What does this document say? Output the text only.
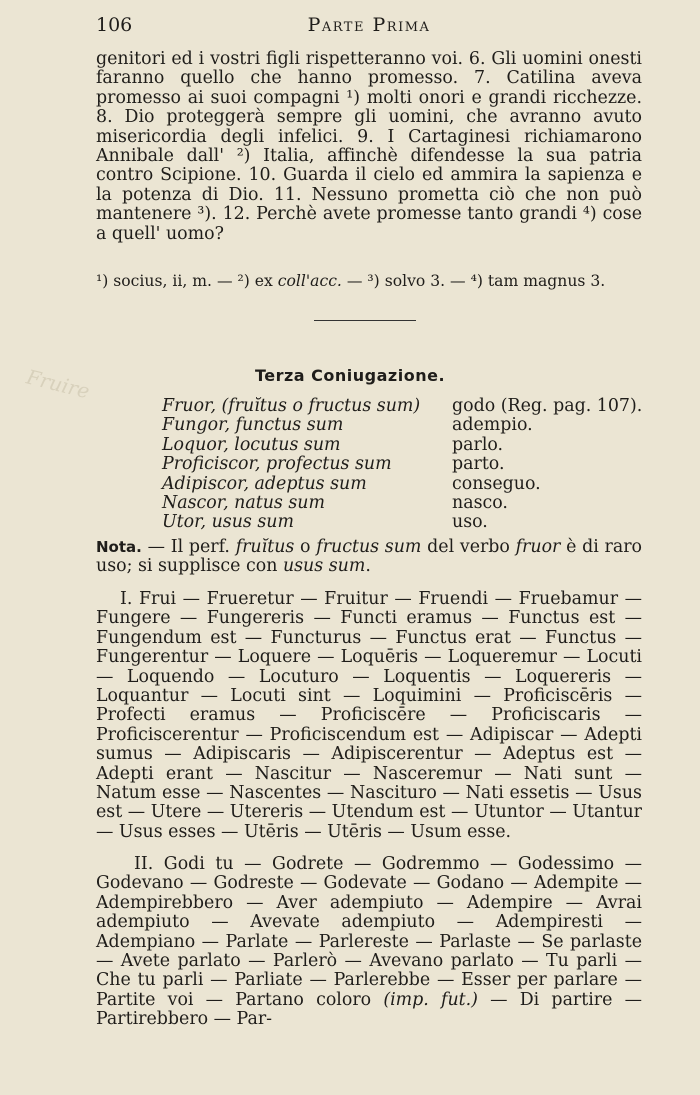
106	Parte Prima
genitori ed i vostri figli rispetteranno voi. 6. Gli uomini onesti faranno quello che hanno promesso. 7. Catilina aveva promesso ai suoi compagni ¹) molti onori e grandi ricchezze. 8. Dio proteggerà sempre gli uomini, che avranno avuto misericordia degli infelici. 9. I Cartaginesi richiamarono Annibale dall' ²) Italia, affinchè difendesse la sua patria contro Scipione. 10. Guarda il cielo ed ammira la sapienza e la potenza di Dio. 11. Nessuno prometta ciò che non può mantenere ³). 12. Perchè avete promesse tanto grandi ⁴) cose a quell' uomo?
¹) socius, ii, m. — ²) ex coll'acc. — ³) solvo 3. — ⁴) tam magnus 3.
Fruire	Terza Coniugazione.
Fruor, (fruĭtus o fructus sum)	godo (Reg. pag. 107).
Fungor, functus sum	adempio.
Loquor, locutus sum	parlo.
Proficiscor, profectus sum	parto.
Adipiscor, adeptus sum	conseguo.
Nascor, natus sum	nasco.
Utor, usus sum	uso.
Nota. — Il perf. fruĭtus o fructus sum del verbo fruor è di raro uso; si supplisce con usus sum.
I. Frui — Frueretur — Fruitur — Fruendi — Fruebamur — Fungere — Fungereris — Functi eramus — Functus est — Fungendum est — Functurus — Functus erat — Functus — Fungerentur — Loquere — Loquēris — Loqueremur — Locuti — Loquendo — Locuturo — Loquentis — Loquereris — Loquantur — Locuti sint — Loquimini — Proficiscēris — Profecti eramus — Proficiscēre — Proficiscaris — Proficiscerentur — Proficiscendum est — Adipiscar — Adepti sumus — Adipiscaris — Adipiscerentur — Adeptus est — Adepti erant — Nascitur — Nasceremur — Nati sunt — Natum esse — Nascentes — Nascituro — Nati essetis — Usus est — Utere — Utereris — Utendum est — Utuntor — Utantur — Usus esses — Utēris — Utēris — Usum esse.
II. Godi tu — Godrete — Godremmo — Godessimo — Godevano — Godreste — Godevate — Godano — Adempite — Adempirebbero — Aver adempiuto — Adempire — Avrai adempiuto — Avevate adempiuto — Adempiresti — Adempiano — Parlate — Parlereste — Parlaste — Se parlaste — Avete parlato — Parlerò — Avevano parlato — Tu parli — Che tu parli — Parliate — Parlerebbe — Esser per parlare — Partite voi — Partano coloro (imp. fut.) — Di partire — Partirebbero — Par-
